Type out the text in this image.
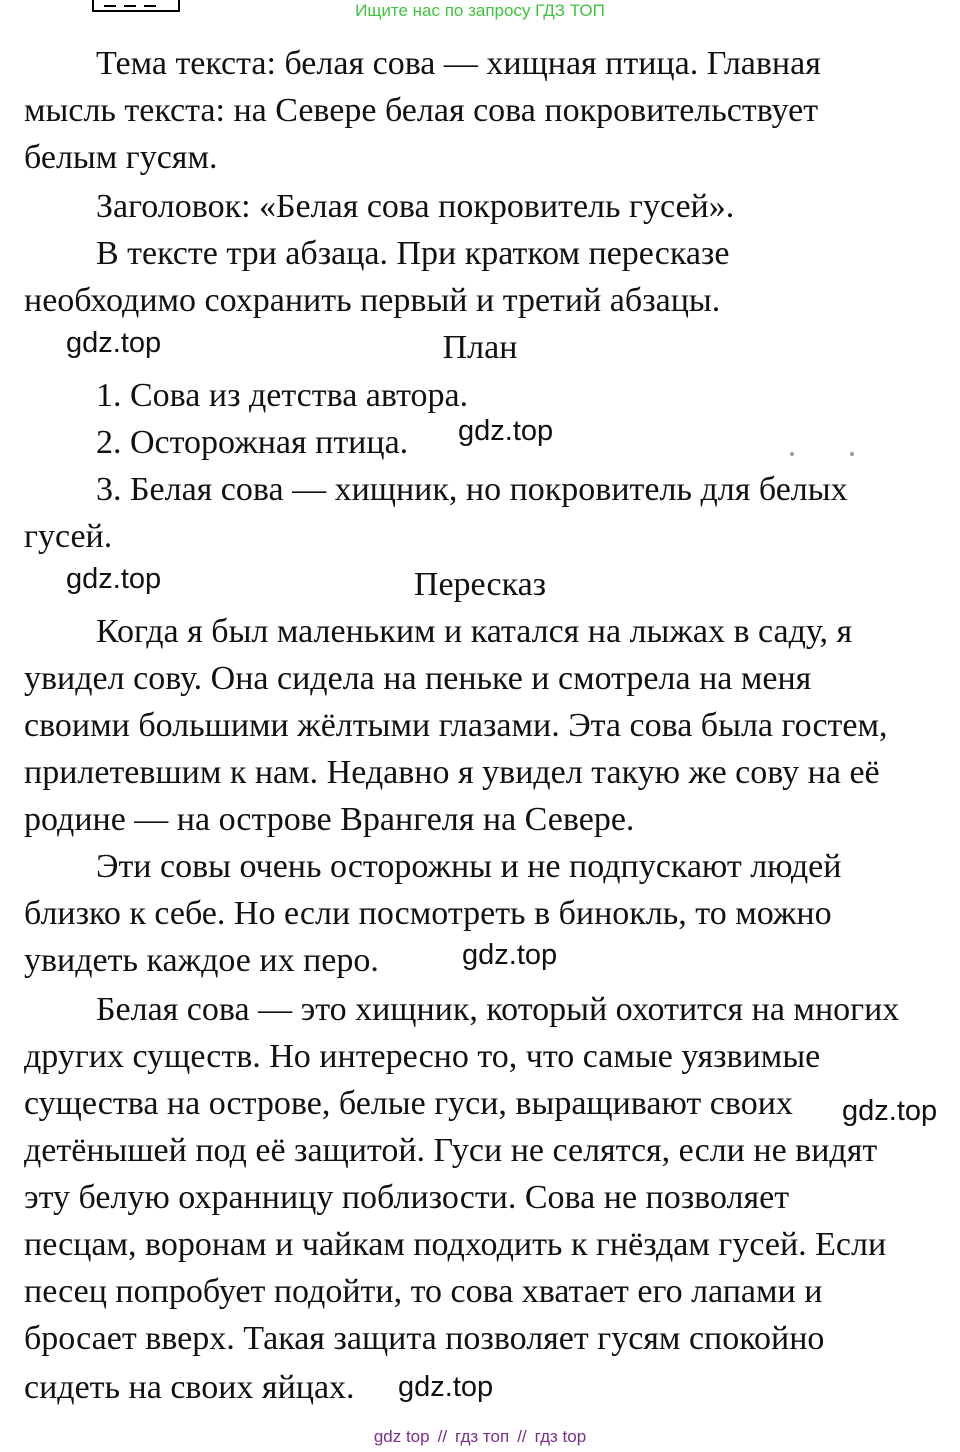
Ищите нас по запросу ГДЗ ТОП
Тема текста: белая сова — хищная птица. Главная
мысль текста: на Севере белая сова покровительствует
белым гусям.
Заголовок: «Белая сова покровитель гусей».
В тексте три абзаца. При кратком пересказе
необходимо сохранить первый и третий абзацы.
План
1. Сова из детства автора.
2. Осторожная птица.
3. Белая сова — хищник, но покровитель для белых
гусей.
Пересказ
Когда я был маленьким и катался на лыжах в саду, я
увидел сову. Она сидела на пеньке и смотрела на меня
своими большими жёлтыми глазами. Эта сова была гостем,
прилетевшим к нам. Недавно я увидел такую же сову на её
родине — на острове Врангеля на Севере.
Эти совы очень осторожны и не подпускают людей
близко к себе. Но если посмотреть в бинокль, то можно
увидеть каждое их перо.
Белая сова — это хищник, который охотится на многих
других существ. Но интересно то, что самые уязвимые
существа на острове, белые гуси, выращивают своих
детёнышей под её защитой. Гуси не селятся, если не видят
эту белую охранницу поблизости. Сова не позволяет
песцам, воронам и чайкам подходить к гнёздам гусей. Если
песец попробует подойти, то сова хватает его лапами и
бросает вверх. Такая защита позволяет гусям спокойно
сидеть на своих яйцах.
gdz.top
gdz.top
gdz.top
gdz.top
gdz.top
gdz.top
gdz top // гдз топ // гдз top
